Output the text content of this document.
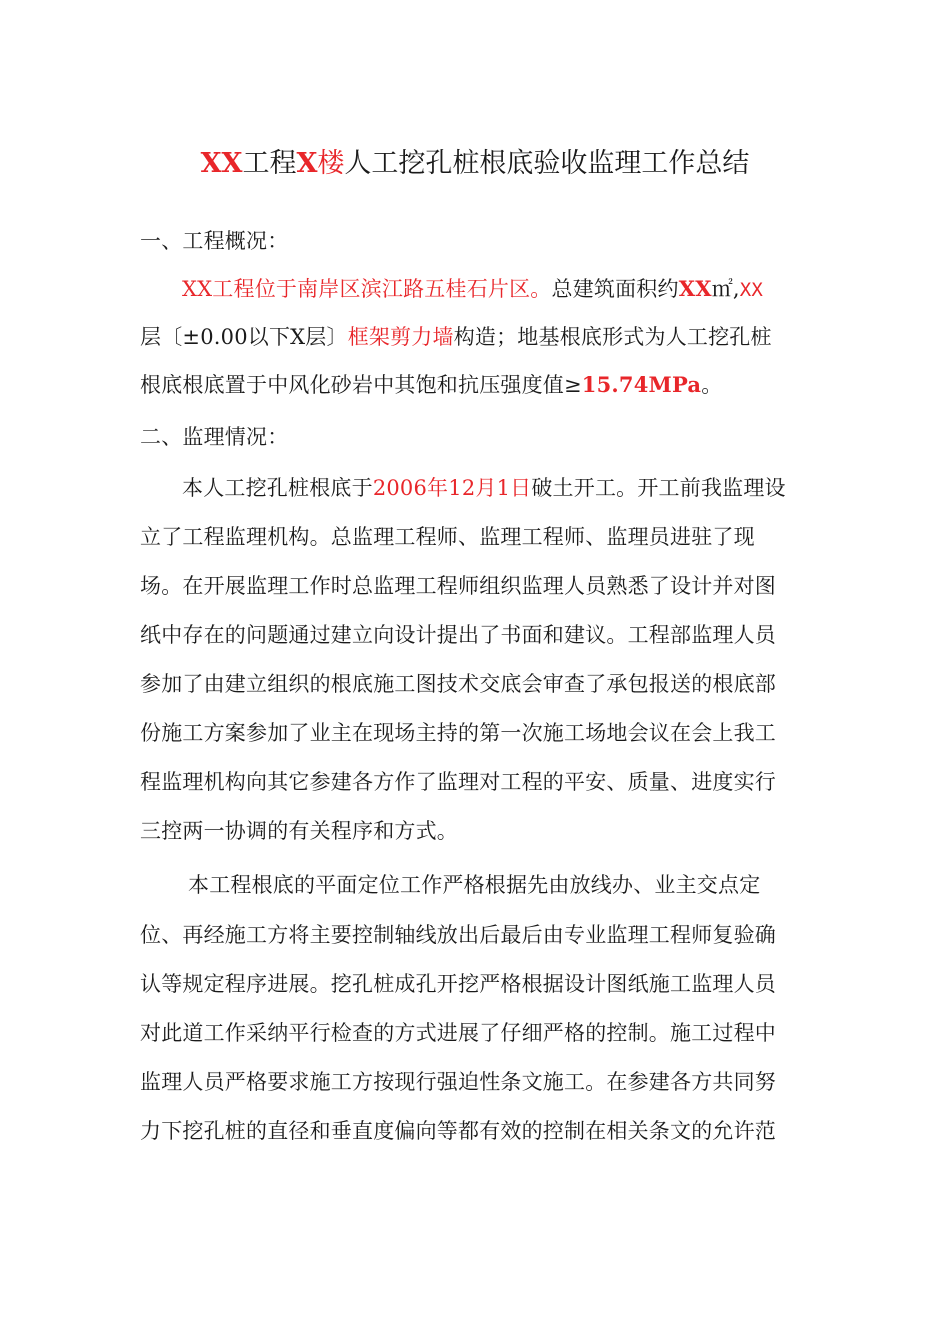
XX工程X楼人工挖孔桩根底验收监理工作总结
一、工程概况：
XX工程位于南岸区滨江路五桂石片区。总建筑面积约XX㎡,XX
层〔±0.00以下X层〕框架剪力墙构造；地基根底形式为人工挖孔桩
根底根底置于中风化砂岩中其饱和抗压强度值≥15.74MPa。
二、监理情况：
本人工挖孔桩根底于2006年12月1日破土开工。开工前我监理设
立了工程监理机构。总监理工程师、监理工程师、监理员进驻了现
场。在开展监理工作时总监理工程师组织监理人员熟悉了设计并对图
纸中存在的问题通过建立向设计提出了书面和建议。工程部监理人员
参加了由建立组织的根底施工图技术交底会审查了承包报送的根底部
份施工方案参加了业主在现场主持的第一次施工场地会议在会上我工
程监理机构向其它参建各方作了监理对工程的平安、质量、进度实行
三控两一协调的有关程序和方式。
本工程根底的平面定位工作严格根据先由放线办、业主交点定
位、再经施工方将主要控制轴线放出后最后由专业监理工程师复验确
认等规定程序进展。挖孔桩成孔开挖严格根据设计图纸施工监理人员
对此道工作采纳平行检查的方式进展了仔细严格的控制。施工过程中
监理人员严格要求施工方按现行强迫性条文施工。在参建各方共同努
力下挖孔桩的直径和垂直度偏向等都有效的控制在相关条文的允许范
